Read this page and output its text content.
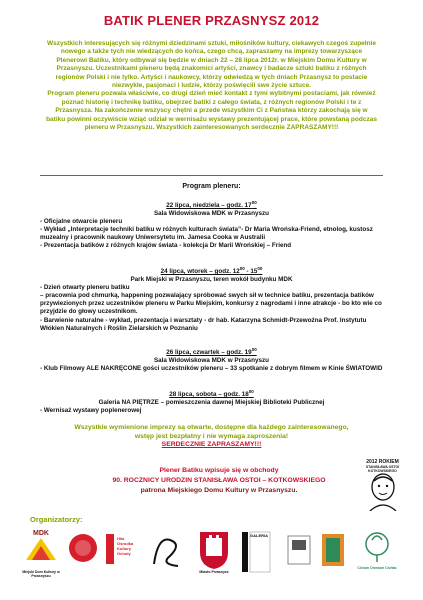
BATIK PLENER PRZASNYSZ 2012

Wszystkich interesujących się różnymi dziedzinami sztuki, miłośników kultury, ciekawych czegoś zupełnie nowego a także tych nie wiedzących do końca, czego chcą, zapraszamy na imprezy towarzyszące Plenerowi Batiku, który odbywał się będzie w dniach 22 – 28 lipca 2012r. w Miejskim Domu Kultury w Przasnyszu. Uczestnikami pleneru będą znakomici artyści, znawcy i badacze sztuki batiku z różnych regionów Polski i nie tylko. Artyści i naukowcy, którzy odwiedzą w tych dniach Przasnysz to postacie niezwykłe, pasjonaci i ludzie, którzy poświęcili swe życie sztuce.

Program pleneru pozwala właściwie, co drugi dzień mieć kontakt z tymi wybitnymi postaciami, jak również poznać historię i technikę batiku, obejrzeć batiki z całego świata, z różnych regionów Polski i te z Przasnysza. Na zakończenie wszyscy chętni a przede wszystkim Ci z Państwa którzy zakochają się w batiku powinni oczywiście wziąć udział w wernisażu wystawy prezentującej prace, które powstaną podczas pleneru w Przasnyszu. Wszystkich zainteresowanych serdecznie ZAPRASZAMY!!!

Program pleneru:

22 lipca, niedziela – godz. $17^{00}$

Sala Widowiskowa MDK w Przasnyszu

- Oficjalne otwarcie pleneru

- Wykład „Interpretacje techniki batiku w różnych kulturach świata”- Dr Maria Wrońska-Friend, etnolog, kustosz muzealny i pracownik naukowy Uniwersytetu im. Jamesa Cooka w Australii

- Prezentacja batików z różnych krajów świata - kolekcja Dr Marii Wrońskiej – Friend

24 lipca, wtorek – godz. $12^{00} - 15^{00}$

Park Miejski w Przasnyszu, teren wokół budynku MDK

- Dzień otwarty pleneru batiku

– pracownia pod chmurką, happening pozwalający spróbować swych sił w technice batiku, prezentacja batików przywiezionych przez uczestników pleneru w Parku Miejskim, konkursy z nagrodami i inne atrakcje - bo kto wie co przyjdzie do głowy uczestnikom.

- Barwienie naturalne - wykład, prezentacja i warsztaty - dr hab. Katarzyna Schmidt-Przewoźna Prof. Instytutu Włókien Naturalnych i Roślin Zielarskich w Poznaniu

26 lipca, czwartek – godz. $19^{00}$

Sala Widowiskowa MDK w Przasnyszu

- Klub Filmowy ALE NAKRĘCONE gości uczestników pleneru – 33 spotkanie z dobrym filmem w Kinie ŚWIATOWID

28 lipca, sobota – godz. $18^{00}$

Galeria NA PIĘTRZE – pomieszczenia dawnej Miejskiej Biblioteki Publicznej

- Wernisaż wystawy poplenerowej

Wszystkie wymienione imprezy są otwarte, dostępne dla każdego zainteresowanego,
wstęp jest bezpłatny i nie wymaga zaproszenia!
SERDECZNIE ZAPRASZAMY!!!
Plener Batiku wpisuje się w obchody
90. ROCZNICY URODZIN STANISŁAWA OSTOI – KOTKOWSKIEGO
patrona Miejskiego Domu Kultury w Przasnyszu.
2012 ROKIEM
STANISŁAWA OSTOI KOTKOWSKIEGO
Organizatorzy:
MDK
Miejski Dom Kultury w Przasnyszu
Hila
Ośrodka
Kultury
Ochoty
Miasto Przasnysz
GALERIA
Civium Omnium Civitas
